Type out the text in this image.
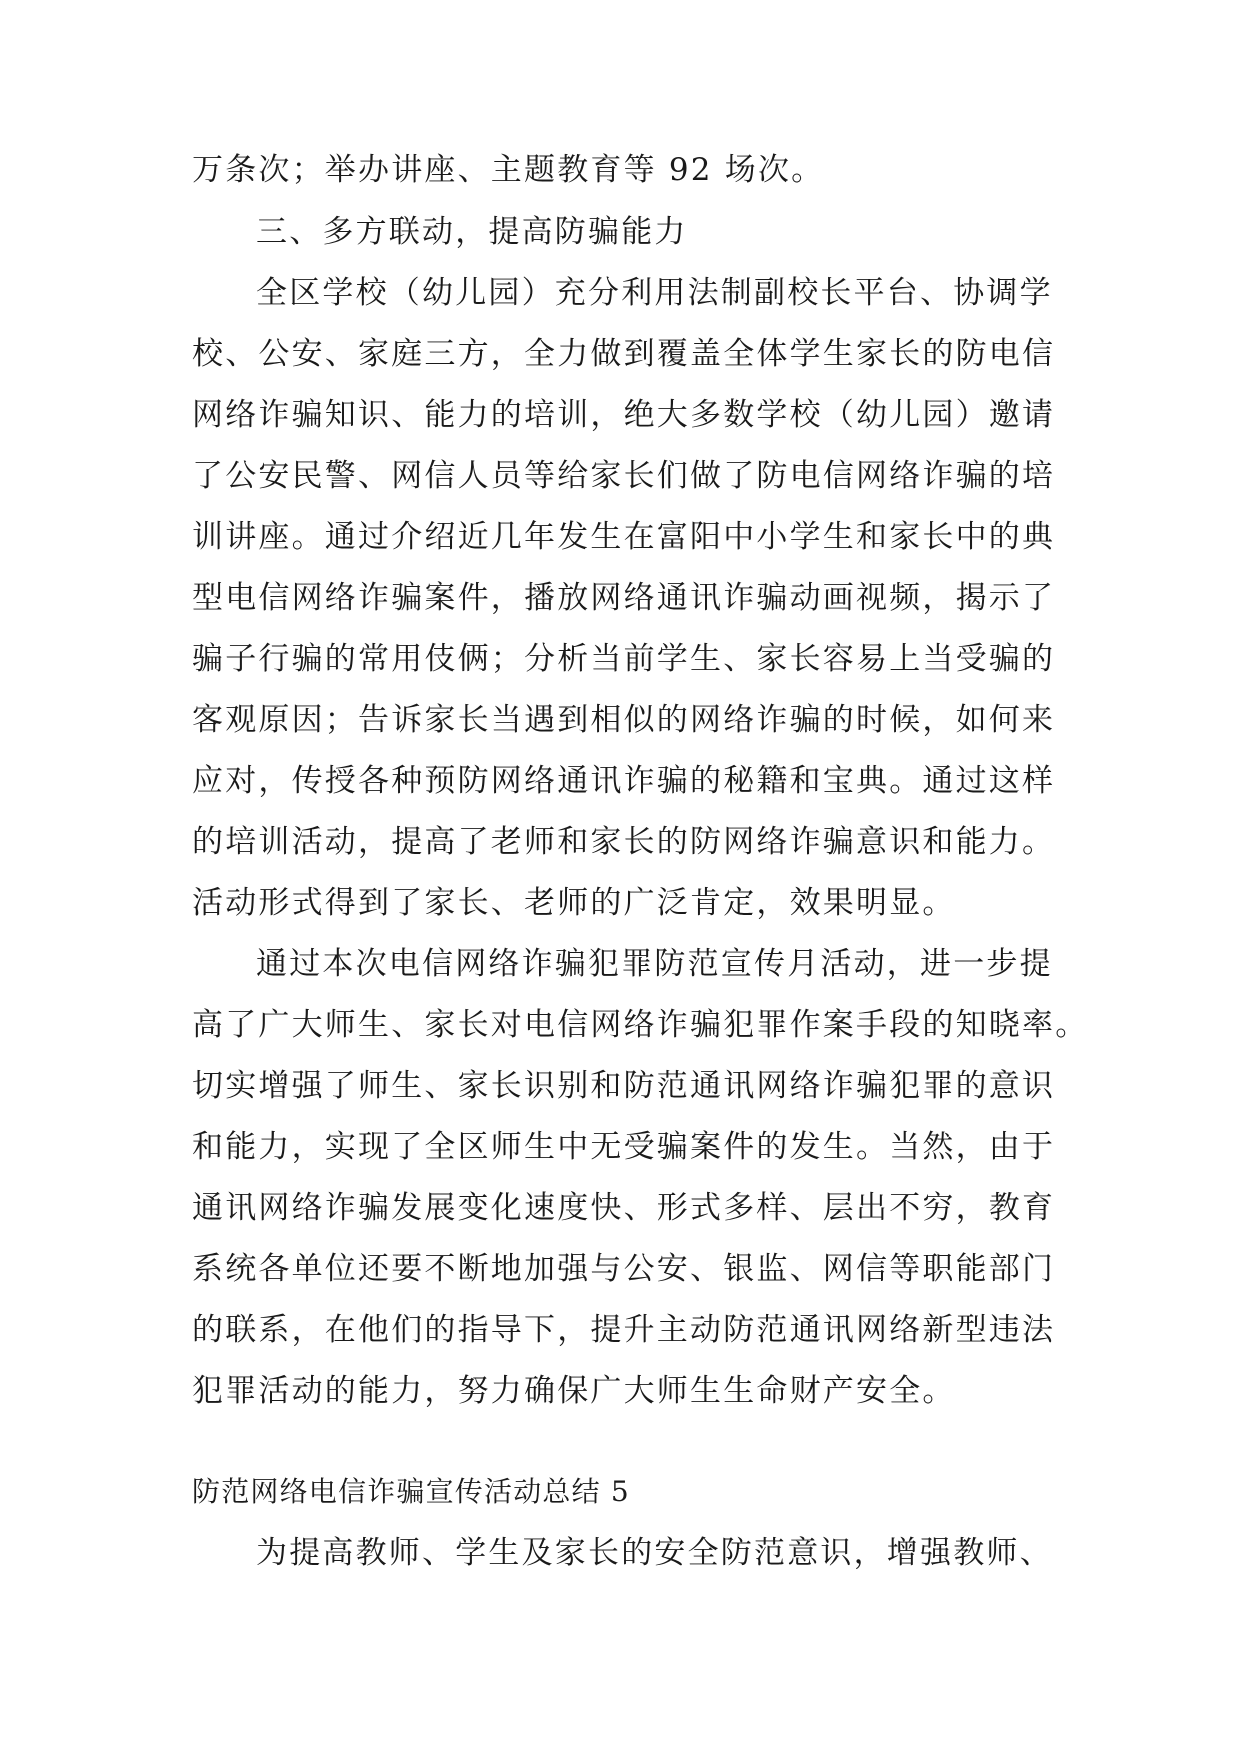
万条次；举办讲座、主题教育等 92 场次。
三、多方联动，提高防骗能力
全区学校（幼儿园）充分利用法制副校长平台、协调学
校、公安、家庭三方，全力做到覆盖全体学生家长的防电信
网络诈骗知识、能力的培训，绝大多数学校（幼儿园）邀请
了公安民警、网信人员等给家长们做了防电信网络诈骗的培
训讲座。通过介绍近几年发生在富阳中小学生和家长中的典
型电信网络诈骗案件，播放网络通讯诈骗动画视频，揭示了
骗子行骗的常用伎俩；分析当前学生、家长容易上当受骗的
客观原因；告诉家长当遇到相似的网络诈骗的时候，如何来
应对，传授各种预防网络通讯诈骗的秘籍和宝典。通过这样
的培训活动，提高了老师和家长的防网络诈骗意识和能力。
活动形式得到了家长、老师的广泛肯定，效果明显。
通过本次电信网络诈骗犯罪防范宣传月活动，进一步提
高了广大师生、家长对电信网络诈骗犯罪作案手段的知晓率。
切实增强了师生、家长识别和防范通讯网络诈骗犯罪的意识
和能力，实现了全区师生中无受骗案件的发生。当然，由于
通讯网络诈骗发展变化速度快、形式多样、层出不穷，教育
系统各单位还要不断地加强与公安、银监、网信等职能部门
的联系，在他们的指导下，提升主动防范通讯网络新型违法
犯罪活动的能力，努力确保广大师生生命财产安全。
防范网络电信诈骗宣传活动总结 5
为提高教师、学生及家长的安全防范意识，增强教师、
